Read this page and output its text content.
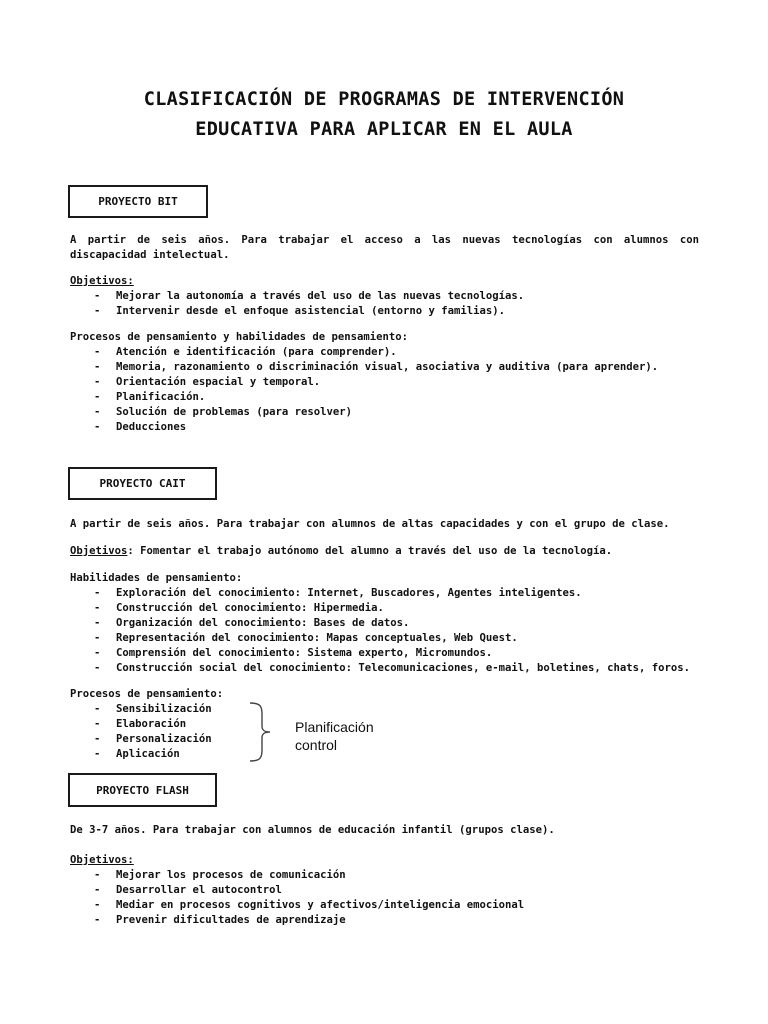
CLASIFICACIÓN DE PROGRAMAS DE INTERVENCIÓN
EDUCATIVA PARA APLICAR EN EL AULA
PROYECTO BIT
A partir de seis años. Para trabajar el acceso a las nuevas tecnologías con alumnos con
discapacidad intelectual.
Objetivos:
- Mejorar la autonomía a través del uso de las nuevas tecnologías.
- Intervenir desde el enfoque asistencial (entorno y familias).
Procesos de pensamiento y habilidades de pensamiento:
- Atención e identificación (para comprender).
- Memoria, razonamiento o discriminación visual, asociativa y auditiva (para aprender).
- Orientación espacial y temporal.
- Planificación.
- Solución de problemas (para resolver)
- Deducciones
PROYECTO CAIT
A partir de seis años. Para trabajar con alumnos de altas capacidades y con el grupo de clase.
Objetivos: Fomentar el trabajo autónomo del alumno a través del uso de la tecnología.
Habilidades de pensamiento:
- Exploración del conocimiento: Internet, Buscadores, Agentes inteligentes.
- Construcción del conocimiento: Hipermedia.
- Organización del conocimiento: Bases de datos.
- Representación del conocimiento: Mapas conceptuales, Web Quest.
- Comprensión del conocimiento: Sistema experto, Micromundos.
- Construcción social del conocimiento: Telecomunicaciones, e-mail, boletines, chats, foros.
Procesos de pensamiento:
- Sensibilización
- Elaboración
- Personalización
- Aplicación
Planificación
control
PROYECTO FLASH
De 3-7 años. Para trabajar con alumnos de educación infantil (grupos clase).
Objetivos:
- Mejorar los procesos de comunicación
- Desarrollar el autocontrol
- Mediar en procesos cognitivos y afectivos/inteligencia emocional
- Prevenir dificultades de aprendizaje
